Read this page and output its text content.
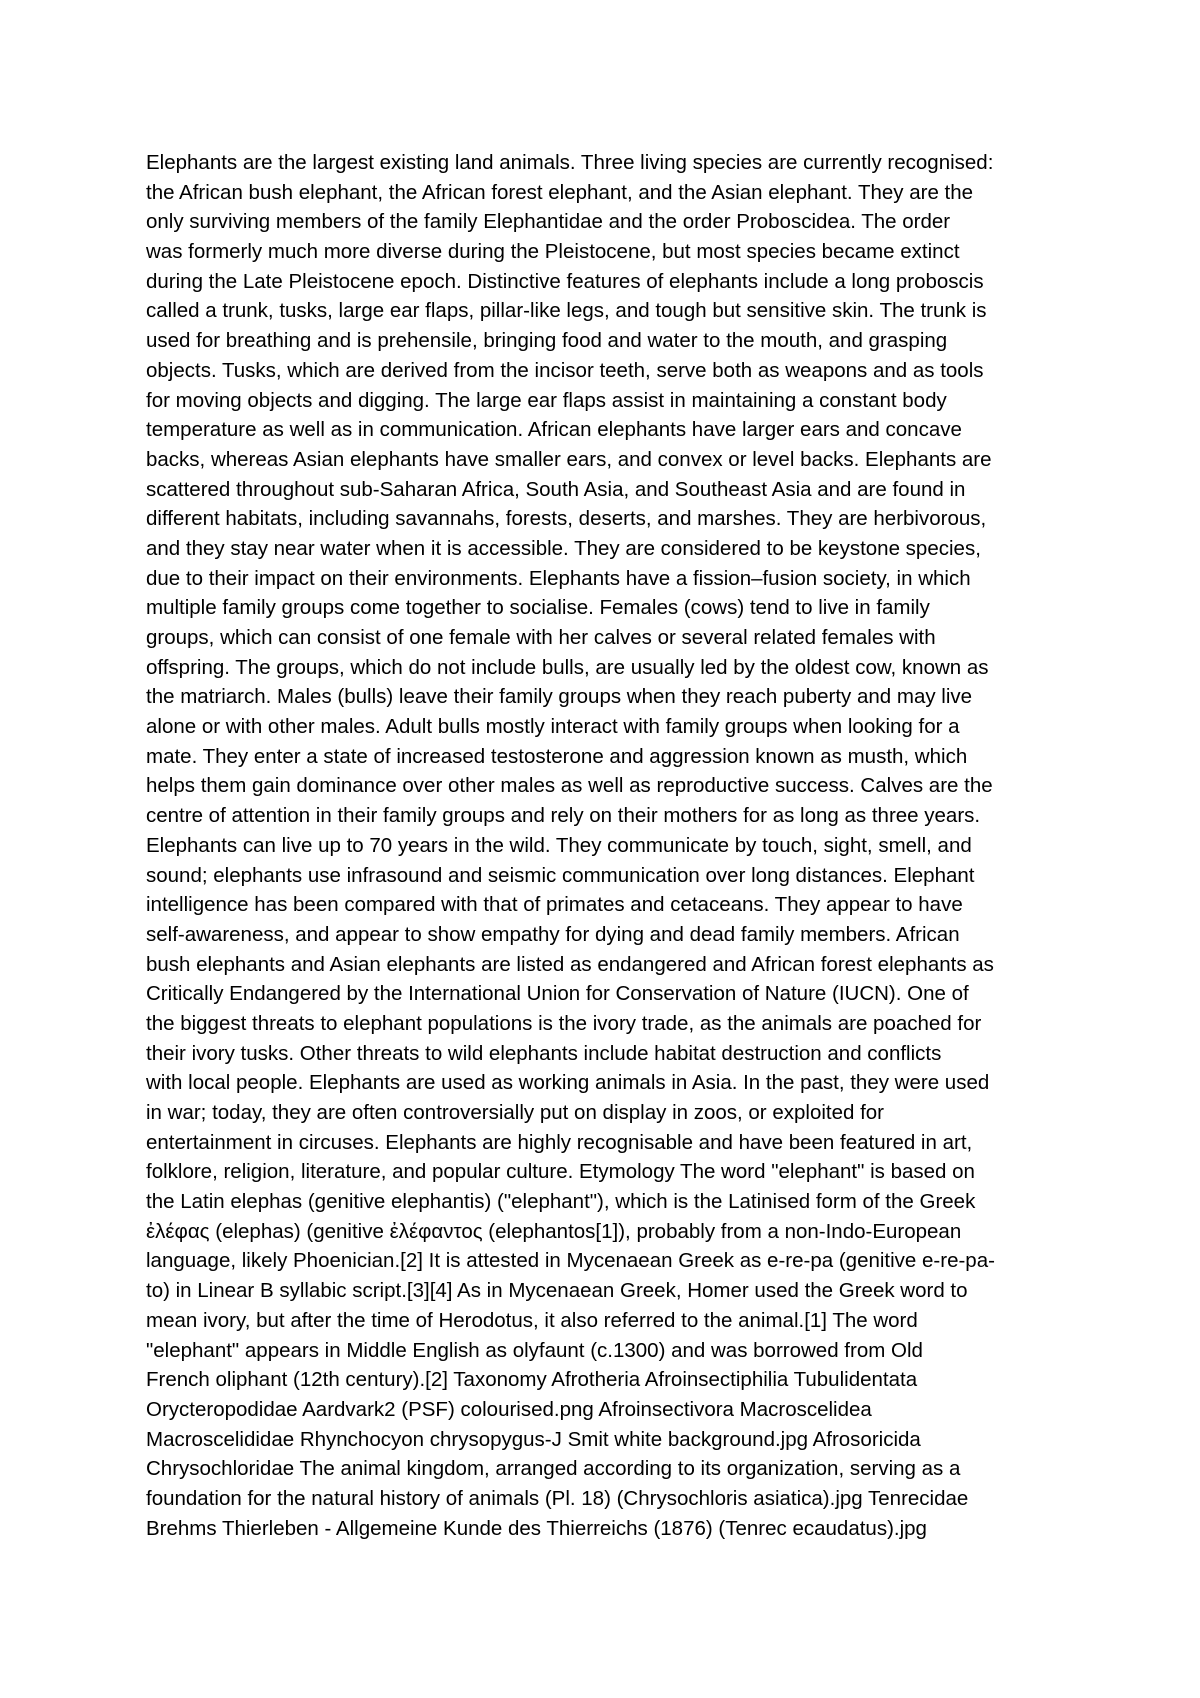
Elephants are the largest existing land animals. Three living species are currently recognised:
the African bush elephant, the African forest elephant, and the Asian elephant. They are the
only surviving members of the family Elephantidae and the order Proboscidea. The order
was formerly much more diverse during the Pleistocene, but most species became extinct
during the Late Pleistocene epoch. Distinctive features of elephants include a long proboscis
called a trunk, tusks, large ear flaps, pillar-like legs, and tough but sensitive skin. The trunk is
used for breathing and is prehensile, bringing food and water to the mouth, and grasping
objects. Tusks, which are derived from the incisor teeth, serve both as weapons and as tools
for moving objects and digging. The large ear flaps assist in maintaining a constant body
temperature as well as in communication. African elephants have larger ears and concave
backs, whereas Asian elephants have smaller ears, and convex or level backs. Elephants are
scattered throughout sub-Saharan Africa, South Asia, and Southeast Asia and are found in
different habitats, including savannahs, forests, deserts, and marshes. They are herbivorous,
and they stay near water when it is accessible. They are considered to be keystone species,
due to their impact on their environments. Elephants have a fission–fusion society, in which
multiple family groups come together to socialise. Females (cows) tend to live in family
groups, which can consist of one female with her calves or several related females with
offspring. The groups, which do not include bulls, are usually led by the oldest cow, known as
the matriarch. Males (bulls) leave their family groups when they reach puberty and may live
alone or with other males. Adult bulls mostly interact with family groups when looking for a
mate. They enter a state of increased testosterone and aggression known as musth, which
helps them gain dominance over other males as well as reproductive success. Calves are the
centre of attention in their family groups and rely on their mothers for as long as three years.
Elephants can live up to 70 years in the wild. They communicate by touch, sight, smell, and
sound; elephants use infrasound and seismic communication over long distances. Elephant
intelligence has been compared with that of primates and cetaceans. They appear to have
self-awareness, and appear to show empathy for dying and dead family members. African
bush elephants and Asian elephants are listed as endangered and African forest elephants as
Critically Endangered by the International Union for Conservation of Nature (IUCN). One of
the biggest threats to elephant populations is the ivory trade, as the animals are poached for
their ivory tusks. Other threats to wild elephants include habitat destruction and conflicts
with local people. Elephants are used as working animals in Asia. In the past, they were used
in war; today, they are often controversially put on display in zoos, or exploited for
entertainment in circuses. Elephants are highly recognisable and have been featured in art,
folklore, religion, literature, and popular culture. Etymology The word "elephant" is based on
the Latin elephas (genitive elephantis) ("elephant"), which is the Latinised form of the Greek
ἐλέφας (elephas) (genitive ἐλέφαντος (elephantos[1]), probably from a non-Indo-European
language, likely Phoenician.[2] It is attested in Mycenaean Greek as e-re-pa (genitive e-re-pa-
to) in Linear B syllabic script.[3][4] As in Mycenaean Greek, Homer used the Greek word to
mean ivory, but after the time of Herodotus, it also referred to the animal.[1] The word
"elephant" appears in Middle English as olyfaunt (c.1300) and was borrowed from Old
French oliphant (12th century).[2] Taxonomy Afrotheria Afroinsectiphilia Tubulidentata
Orycteropodidae Aardvark2 (PSF) colourised.png Afroinsectivora Macroscelidea
Macroscelididae Rhynchocyon chrysopygus-J Smit white background.jpg Afrosoricida
Chrysochloridae The animal kingdom, arranged according to its organization, serving as a
foundation for the natural history of animals (Pl. 18) (Chrysochloris asiatica).jpg Tenrecidae
Brehms Thierleben - Allgemeine Kunde des Thierreichs (1876) (Tenrec ecaudatus).jpg
